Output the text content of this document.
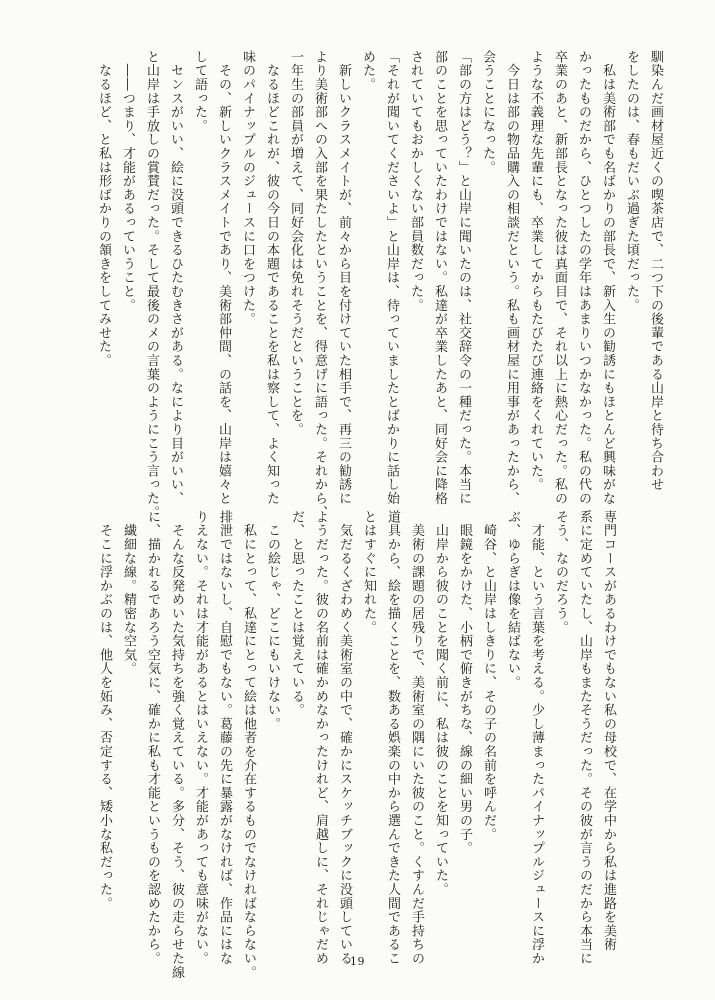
馴染んだ画材屋近くの喫茶店で、二つ下の後輩である山岸と待ち合わせ

をしたのは、春もだいぶ過ぎた頃だった。

　私は美術部でも名ばかりの部長で、新入生の勧誘にもほとんど興味がな

かったものだから、ひとつしたの学年はあまりいつかなかった。私の代の

卒業のあと、新部長となった彼は真面目で、それ以上に熱心だった。私の

ような不義理な先輩にも、卒業してからもたびたび連絡をくれていた。

　今日は部の物品購入の相談だという。私も画材屋に用事があったから、

会うことになった。

「部の方はどう？」と山岸に聞いたのは、社交辞令の一種だった。本当に

部のことを思っていたわけではない。私達が卒業したあと、同好会に降格

されていてもおかしくない部員数だった。

「それが聞いてくださいよ」と山岸は、待っていましたとばかりに話し始

めた。

　新しいクラスメイトが、前々から目を付けていた相手で、再三の勧誘に

より美術部への入部を果たしたということを、得意げに語った。それから、

一年生の部員が増えて、同好会化は免れそうだということを。

　なるほどこれが、彼の今日の本題であることを私は察して、よく知った

味のパイナップルのジュースに口をつけた。

　その、新しいクラスメイトであり、美術部仲間、の話を、山岸は嬉々と

して語った。

　センスがいい、絵に没頭できるひたむきさがある。なにより目がいい、

と山岸は手放しの賞賛だった。そして最後のメの言葉のようにこう言った。

　――つまり、才能があるっていうこと。

　なるほど、と私は形ばかりの頷きをしてみせた。

専門コースがあるわけでもない私の母校で、在学中から私は進路を美術

系に定めていたし、山岸もまたそうだった。その彼が言うのだから本当に

そう、なのだろう。

　才能、という言葉を考える。少し薄まったパイナップルジュースに浮か

ぶ、ゆらぎは像を結ばない。

　崎谷、と山岸はしきりに、その子の名前を呼んだ。

　眼鏡をかけた、小柄で俯きがちな、線の細い男の子。

　山岸から彼のことを聞く前に、私は彼のことを知っていた。

　美術の課題の居残りで、美術室の隅にいた彼のこと。くすんだ手持ちの

道具から、絵を描くことを、数ある娯楽の中から選んできた人間であるこ

とはすぐに知れた。

　気だるくざわめく美術室の中で、確かにスケッチブックに没頭している

ようだった。彼の名前は確かめなかったけれど、肩越しに、それじゃだめ

だ、と思ったことは覚えている。

　この絵じゃ、どこにもいけない。

　私にとって、私達にとって絵は他者を介在するものでなければならない。

排泄ではないし、自慰でもない。葛藤の先に暴露がなければ、作品にはな

りえない。それは才能があるとはいえない。才能があっても意味がない。

　そんな反発めいた気持ちを強く覚えている。多分、そう、彼の走らせた線

に、描かれるであろう空気に、確かに私も才能というものを認めたから。

　繊細な線。精密な空気。

　そこに浮かぶのは、他人を妬み、否定する、矮小な私だった。

19
